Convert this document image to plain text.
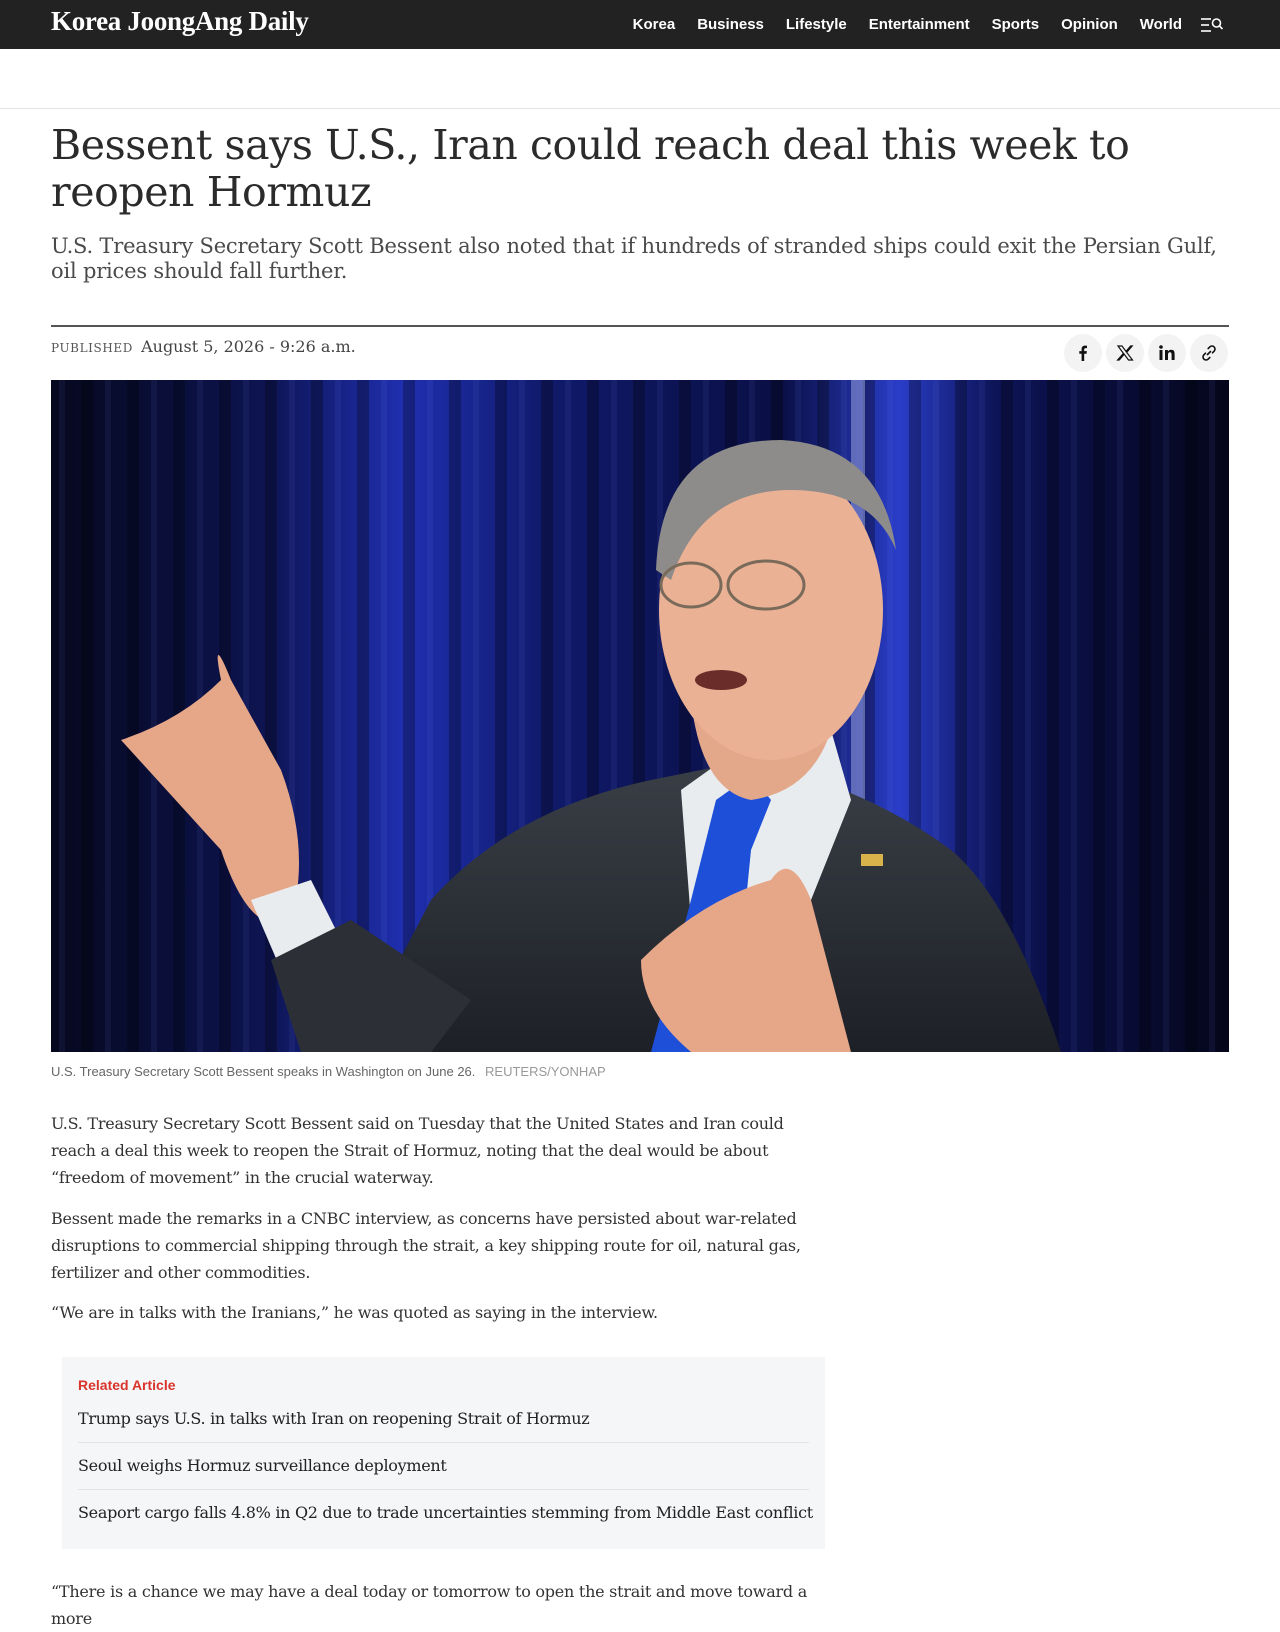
Korea JoongAng Daily	Korea Business Lifestyle Entertainment Sports Opinion World
Bessent says U.S., Iran could reach deal this week to reopen Hormuz

U.S. Treasury Secretary Scott Bessent also noted that if hundreds of stranded ships could exit the Persian Gulf, oil prices should fall further.

PUBLISHED August 5, 2026 - 9:26 a.m.
U.S. Treasury Secretary Scott Bessent speaks in Washington on June 26. REUTERS/YONHAP

U.S. Treasury Secretary Scott Bessent said on Tuesday that the United States and Iran could reach a deal this week to reopen the Strait of Hormuz, noting that the deal would be about “freedom of movement” in the crucial waterway.

Bessent made the remarks in a CNBC interview, as concerns have persisted about war-related disruptions to commercial shipping through the strait, a key shipping route for oil, natural gas, fertilizer and other commodities.

“We are in talks with the Iranians,” he was quoted as saying in the interview.

Related Article
Trump says U.S. in talks with Iran on reopening Strait of Hormuz
Seoul weighs Hormuz surveillance deployment
Seaport cargo falls 4.8% in Q2 due to trade uncertainties stemming from Middle East conflict

“There is a chance we may have a deal today or tomorrow to open the strait and move toward a more
